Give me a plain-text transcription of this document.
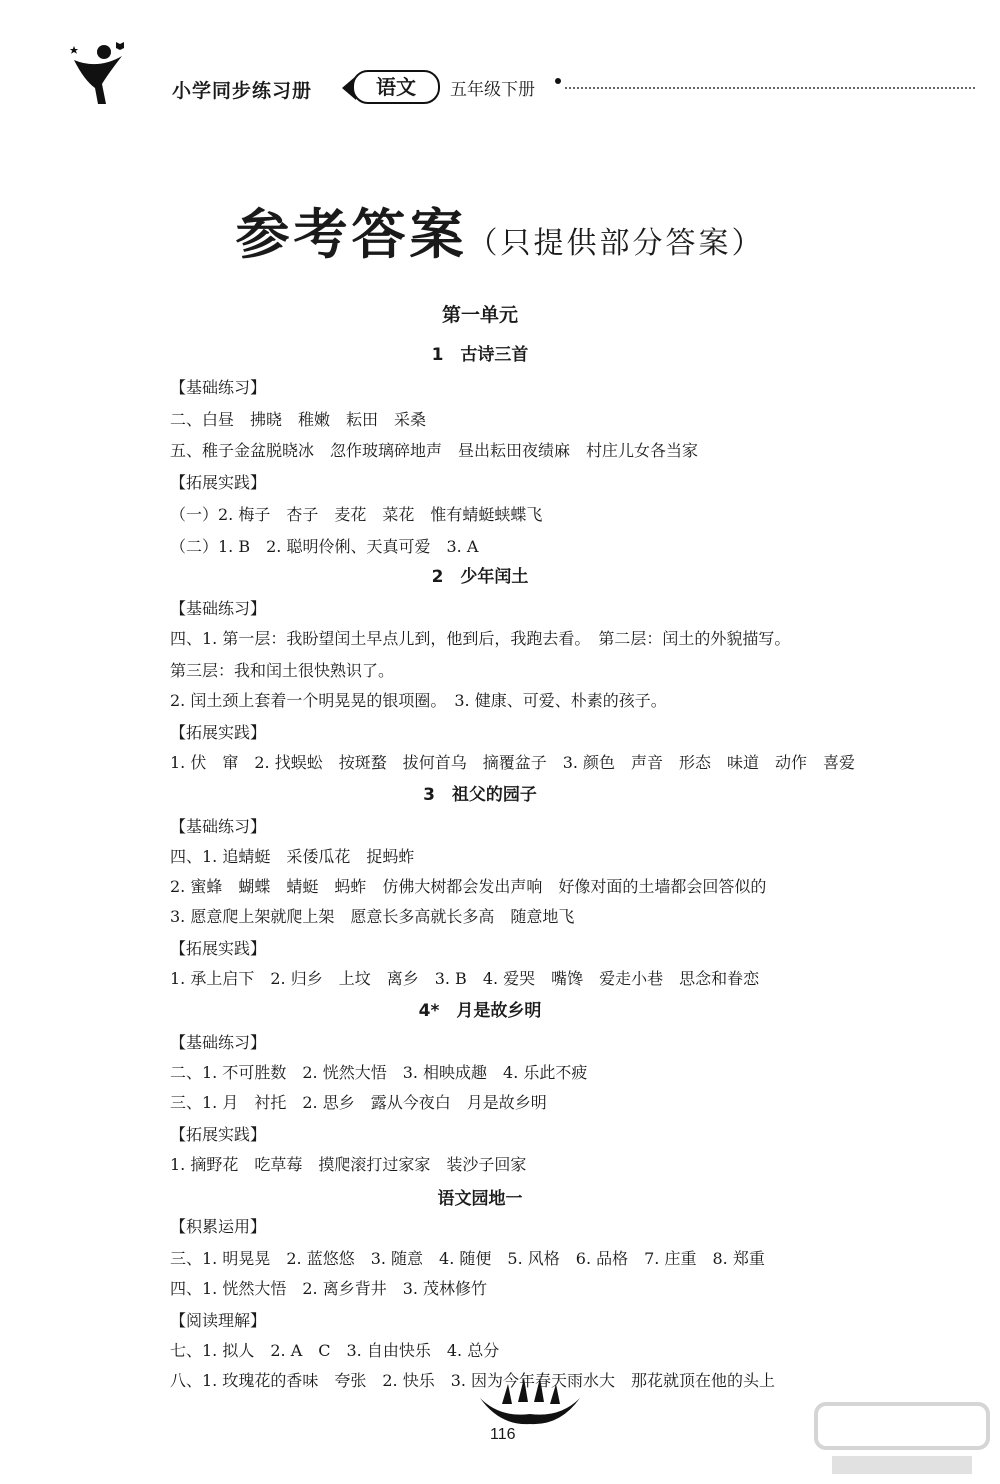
小学同步练习册	语文	五年级下册
参考答案（只提供部分答案）
第一单元
1　古诗三首
【基础练习】
二、白昼　拂晓　稚嫩　耘田　采桑
五、稚子金盆脱晓冰　忽作玻璃碎地声　昼出耘田夜绩麻　村庄儿女各当家
【拓展实践】
（一）2. 梅子　杏子　麦花　菜花　惟有蜻蜓蛱蝶飞
（二）1. B　2. 聪明伶俐、天真可爱　3. A
2　少年闰土
【基础练习】
四、1. 第一层：我盼望闰土早点儿到，他到后，我跑去看。　第二层：闰土的外貌描写。
第三层：我和闰土很快熟识了。
2. 闰土颈上套着一个明晃晃的银项圈。　3. 健康、可爱、朴素的孩子。
【拓展实践】
1. 伏　窜　2. 找蜈蚣　按斑蝥　拔何首乌　摘覆盆子　3. 颜色　声音　形态　味道　动作　喜爱
3　祖父的园子
【基础练习】
四、1. 追蜻蜓　采倭瓜花　捉蚂蚱
2. 蜜蜂　蝴蝶　蜻蜓　蚂蚱　仿佛大树都会发出声响　好像对面的土墙都会回答似的
3. 愿意爬上架就爬上架　愿意长多高就长多高　随意地飞
【拓展实践】
1. 承上启下　2. 归乡　上坟　离乡　3. B　4. 爱哭　嘴馋　爱走小巷　思念和眷恋
4*　月是故乡明
【基础练习】
二、1. 不可胜数　2. 恍然大悟　3. 相映成趣　4. 乐此不疲
三、1. 月　衬托　2. 思乡　露从今夜白　月是故乡明
【拓展实践】
1. 摘野花　吃草莓　摸爬滚打过家家　装沙子回家
语文园地一
【积累运用】
三、1. 明晃晃　2. 蓝悠悠　3. 随意　4. 随便　5. 风格　6. 品格　7. 庄重　8. 郑重
四、1. 恍然大悟　2. 离乡背井　3. 茂林修竹
【阅读理解】
七、1. 拟人　2. A　C　3. 自由快乐　4. 总分
八、1. 玫瑰花的香味　夸张　2. 快乐　3. 因为今年春天雨水大　那花就顶在他的头上
116
